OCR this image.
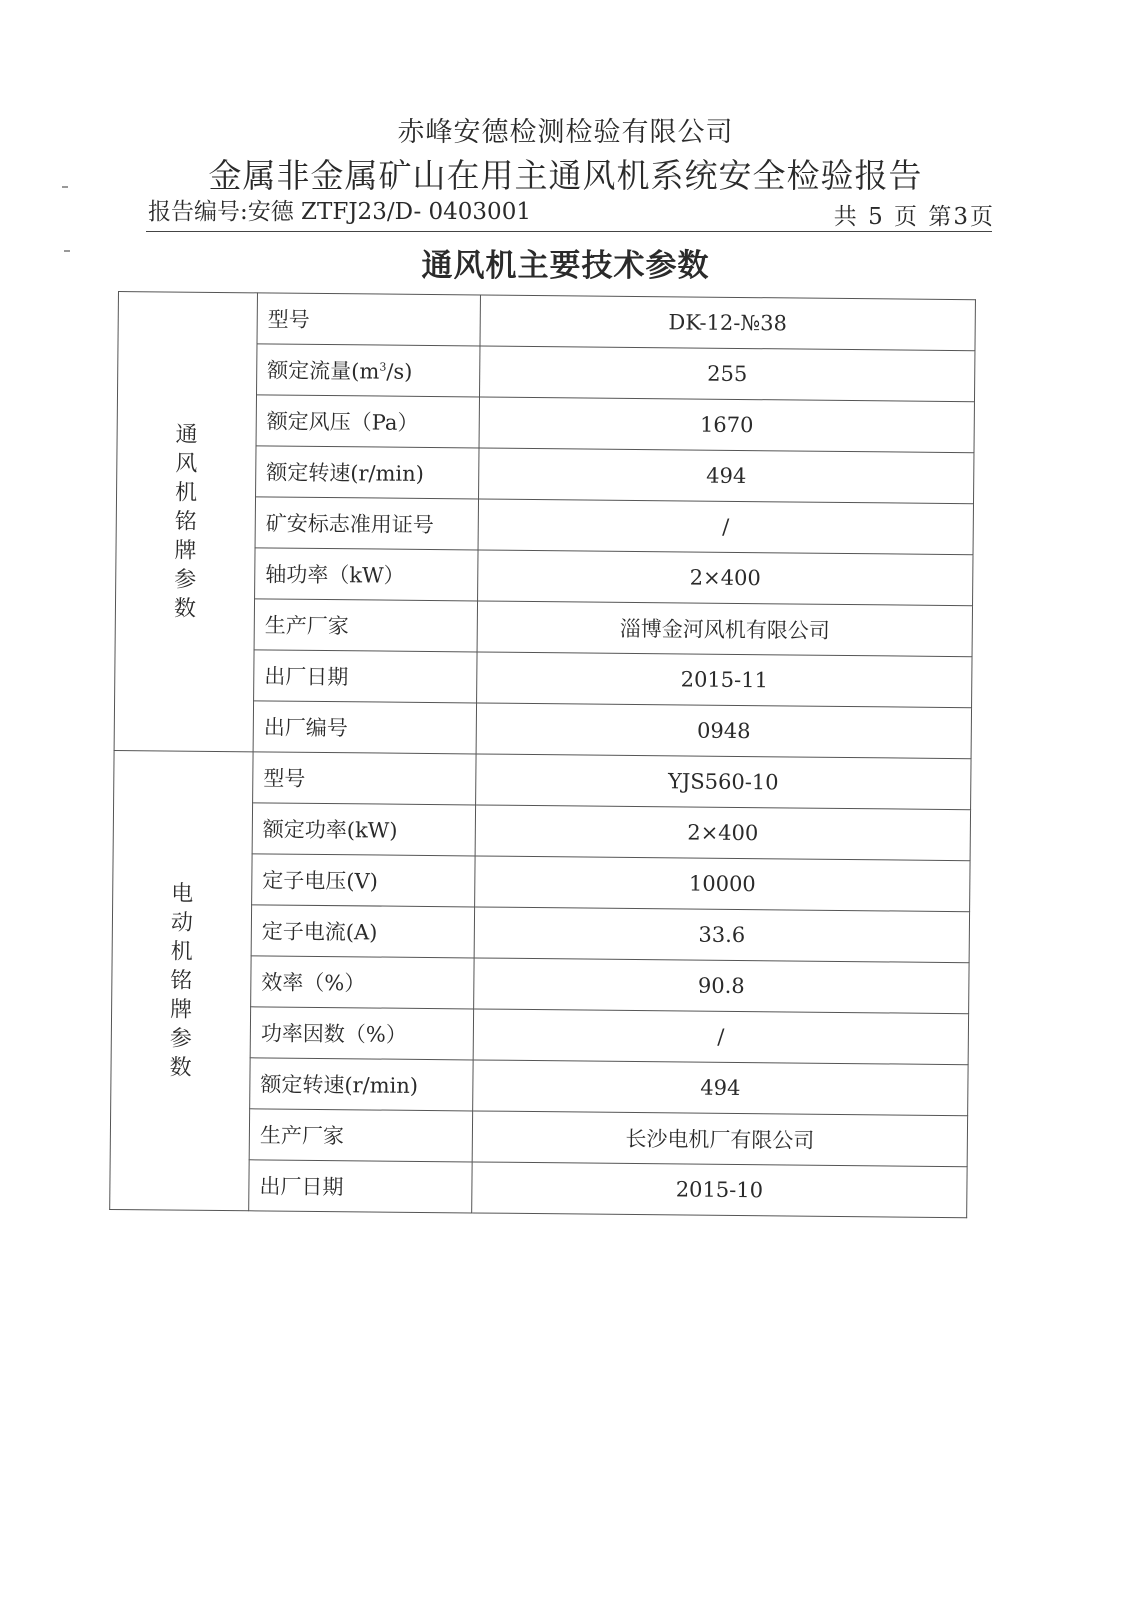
赤峰安德检测检验有限公司
金属非金属矿山在用主通风机系统安全检验报告
报告编号:安德 ZTFJ23/D- 0403001	共 5 页 第3页
通风机主要技术参数
通风机铭牌参数	型号	DK-12-№38
	额定流量$(m^3/s)$	255
	额定风压（Pa）	1670
	额定转速(r/min)	494
	矿安标志准用证号	/
	轴功率（kW）	2×400
	生产厂家	淄博金河风机有限公司
	出厂日期	2015-11
	出厂编号	0948
电动机铭牌参数	型号	YJS560-10
	额定功率(kW)	2×400
	定子电压(V)	10000
	定子电流(A)	33.6
	效率（%）	90.8
	功率因数（%）	/
	额定转速(r/min)	494
	生产厂家	长沙电机厂有限公司
	出厂日期	2015-10
